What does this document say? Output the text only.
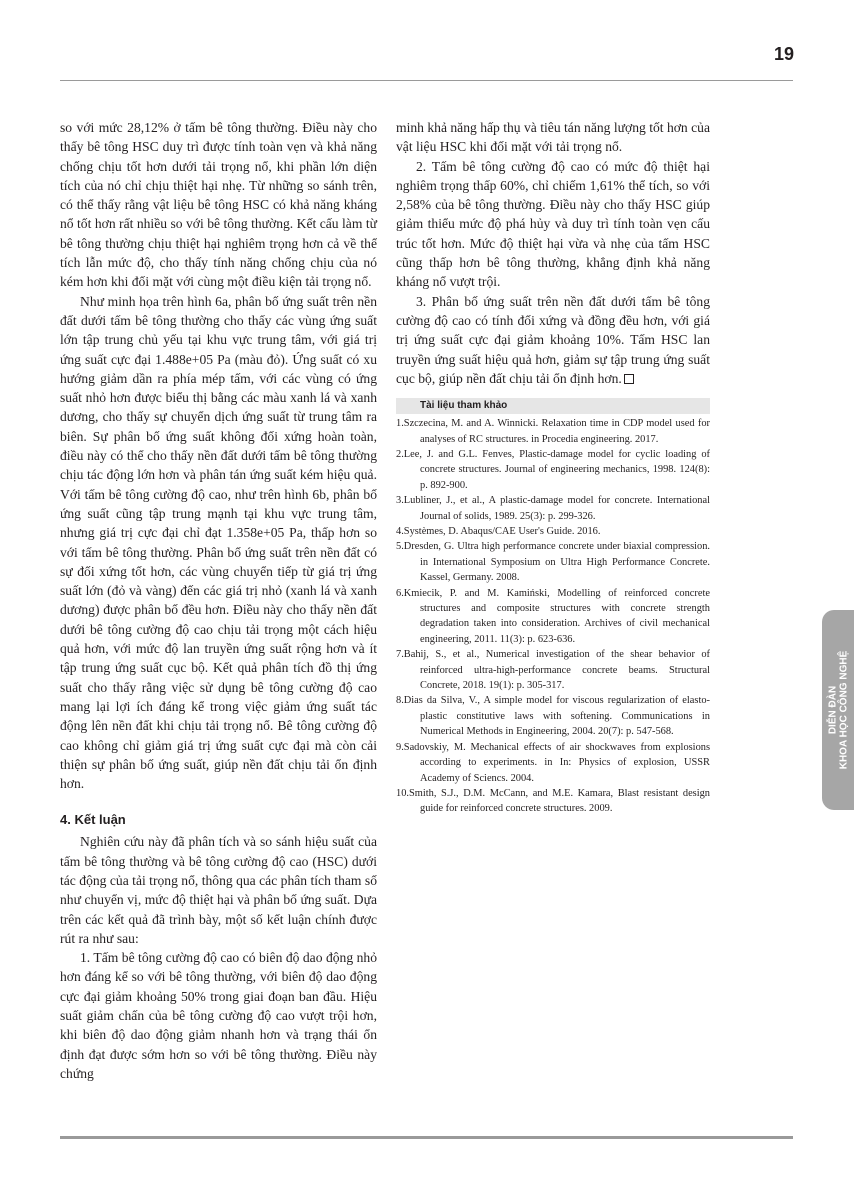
19

so với mức 28,12% ở tấm bê tông thường. Điều này cho thấy bê tông HSC duy trì được tính toàn vẹn và khả năng chống chịu tốt hơn dưới tải trọng nổ, khi phần lớn diện tích của nó chỉ chịu thiệt hại nhẹ. Từ những so sánh trên, có thể thấy rằng vật liệu bê tông HSC có khả năng kháng nổ tốt hơn rất nhiều so với bê tông thường. Kết cấu làm từ bê tông thường chịu thiệt hại nghiêm trọng hơn cả về thể tích lẫn mức độ, cho thấy tính năng chống chịu của nó kém hơn khi đối mặt với cùng một điều kiện tải trọng nổ.

Như minh họa trên hình 6a, phân bố ứng suất trên nền đất dưới tấm bê tông thường cho thấy các vùng ứng suất lớn tập trung chủ yếu tại khu vực trung tâm, với giá trị ứng suất cực đại 1.488e+05 Pa (màu đỏ). Ứng suất có xu hướng giảm dần ra phía mép tấm, với các vùng có ứng suất nhỏ hơn được biểu thị bằng các màu xanh lá và xanh dương, cho thấy sự chuyển dịch ứng suất từ trung tâm ra biên. Sự phân bố ứng suất không đối xứng hoàn toàn, điều này có thể cho thấy nền đất dưới tấm bê tông thường chịu tác động lớn hơn và phân tán ứng suất kém hiệu quả. Với tấm bê tông cường độ cao, như trên hình 6b, phân bố ứng suất cũng tập trung mạnh tại khu vực trung tâm, nhưng giá trị cực đại chỉ đạt 1.358e+05 Pa, thấp hơn so với tấm bê tông thường. Phân bố ứng suất trên nền đất có sự đối xứng tốt hơn, các vùng chuyển tiếp từ giá trị ứng suất lớn (đỏ và vàng) đến các giá trị nhỏ (xanh lá và xanh dương) được phân bố đều hơn. Điều này cho thấy nền đất dưới bê tông cường độ cao chịu tải trọng một cách hiệu quả hơn, với mức độ lan truyền ứng suất rộng hơn và ít tập trung ứng suất cục bộ. Kết quả phân tích đồ thị ứng suất cho thấy rằng việc sử dụng bê tông cường độ cao mang lại lợi ích đáng kể trong việc giảm ứng suất tác động lên nền đất khi chịu tải trọng nổ. Bê tông cường độ cao không chỉ giảm giá trị ứng suất cực đại mà còn cải thiện sự phân bố ứng suất, giúp nền đất chịu tải ổn định hơn.

4. Kết luận

Nghiên cứu này đã phân tích và so sánh hiệu suất của tấm bê tông thường và bê tông cường độ cao (HSC) dưới tác động của tải trọng nổ, thông qua các phân tích tham số như chuyển vị, mức độ thiệt hại và phân bố ứng suất. Dựa trên các kết quả đã trình bày, một số kết luận chính được rút ra như sau:

1. Tấm bê tông cường độ cao có biên độ dao động nhỏ hơn đáng kể so với bê tông thường, với biên độ dao động cực đại giảm khoảng 50% trong giai đoạn ban đầu. Hiệu suất giảm chấn của bê tông cường độ cao vượt trội hơn, khi biên độ dao động giảm nhanh hơn và trạng thái ổn định đạt được sớm hơn so với bê tông thường. Điều này chứng

minh khả năng hấp thụ và tiêu tán năng lượng tốt hơn của vật liệu HSC khi đối mặt với tải trọng nổ.

2. Tấm bê tông cường độ cao có mức độ thiệt hại nghiêm trọng thấp 60%, chỉ chiếm 1,61% thể tích, so với 2,58% của bê tông thường. Điều này cho thấy HSC giúp giảm thiểu mức độ phá hủy và duy trì tính toàn vẹn cấu trúc tốt hơn. Mức độ thiệt hại vừa và nhẹ của tấm HSC cũng thấp hơn bê tông thường, khẳng định khả năng kháng nổ vượt trội.

3. Phân bố ứng suất trên nền đất dưới tấm bê tông cường độ cao có tính đối xứng và đồng đều hơn, với giá trị ứng suất cực đại giảm khoảng 10%. Tấm HSC lan truyền ứng suất hiệu quả hơn, giảm sự tập trung ứng suất cục bộ, giúp nền đất chịu tải ổn định hơn.

Tài liệu tham khảo
1.Szczecina, M. and A. Winnicki. Relaxation time in CDP model used for analyses of RC structures. in Procedia engineering. 2017.
2.Lee, J. and G.L. Fenves, Plastic-damage model for cyclic loading of concrete structures. Journal of engineering mechanics, 1998. 124(8): p. 892-900.
3.Lubliner, J., et al., A plastic-damage model for concrete. International Journal of solids, 1989. 25(3): p. 299-326.
4.Systèmes, D. Abaqus/CAE User's Guide. 2016.
5.Dresden, G. Ultra high performance concrete under biaxial compression. in International Symposium on Ultra High Performance Concrete. Kassel, Germany. 2008.
6.Kmiecik, P. and M. Kamiński, Modelling of reinforced concrete structures and composite structures with concrete strength degradation taken into consideration. Archives of civil mechanical engineering, 2011. 11(3): p. 623-636.
7.Bahij, S., et al., Numerical investigation of the shear behavior of reinforced ultra-high-performance concrete beams. Structural Concrete, 2018. 19(1): p. 305-317.
8.Dias da Silva, V., A simple model for viscous regularization of elasto-plastic constitutive laws with softening. Communications in Numerical Methods in Engineering, 2004. 20(7): p. 547-568.
9.Sadovskiy, M. Mechanical effects of air shockwaves from explosions according to experiments. in In: Physics of explosion, USSR Academy of Sciencs. 2004.
10.Smith, S.J., D.M. McCann, and M.E. Kamara, Blast resistant design guide for reinforced concrete structures. 2009.
DIỄN ĐÀN KHOA HỌC CÔNG NGHỆ
